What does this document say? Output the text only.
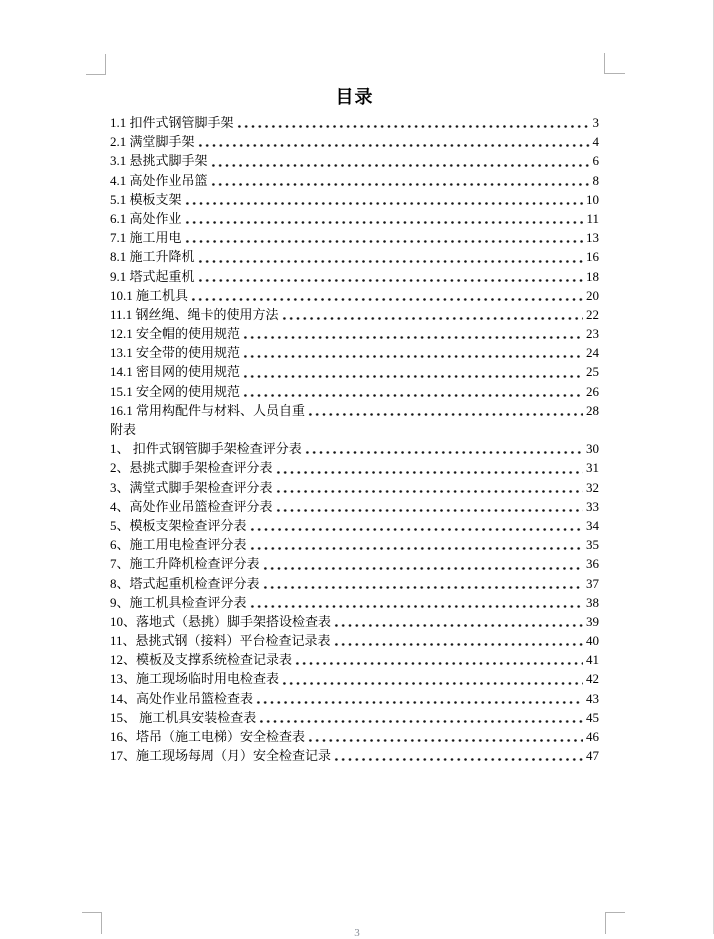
目录
1.1 扣件式钢管脚手架	3
2.1 满堂脚手架	4
3.1 悬挑式脚手架	6
4.1 高处作业吊篮	8
5.1 模板支架	10
6.1 高处作业	11
7.1 施工用电	13
8.1 施工升降机	16
9.1 塔式起重机	18
10.1 施工机具	20
11.1 钢丝绳、绳卡的使用方法	22
12.1 安全帽的使用规范	23
13.1 安全带的使用规范	24
14.1 密目网的使用规范	25
15.1 安全网的使用规范	26
16.1 常用构配件与材料、人员自重	28
附表
1、 扣件式钢管脚手架检查评分表	30
2、悬挑式脚手架检查评分表	31
3、满堂式脚手架检查评分表	32
4、高处作业吊篮检查评分表	33
5、模板支架检查评分表	34
6、施工用电检查评分表	35
7、施工升降机检查评分表	36
8、塔式起重机检查评分表	37
9、施工机具检查评分表	38
10、落地式（悬挑）脚手架搭设检查表	39
11、悬挑式钢（接料）平台检查记录表	40
12、模板及支撑系统检查记录表	41
13、施工现场临时用电检查表	42
14、高处作业吊篮检查表	43
15、 施工机具安装检查表	45
16、塔吊（施工电梯）安全检查表	46
17、施工现场每周（月）安全检查记录	47
3
